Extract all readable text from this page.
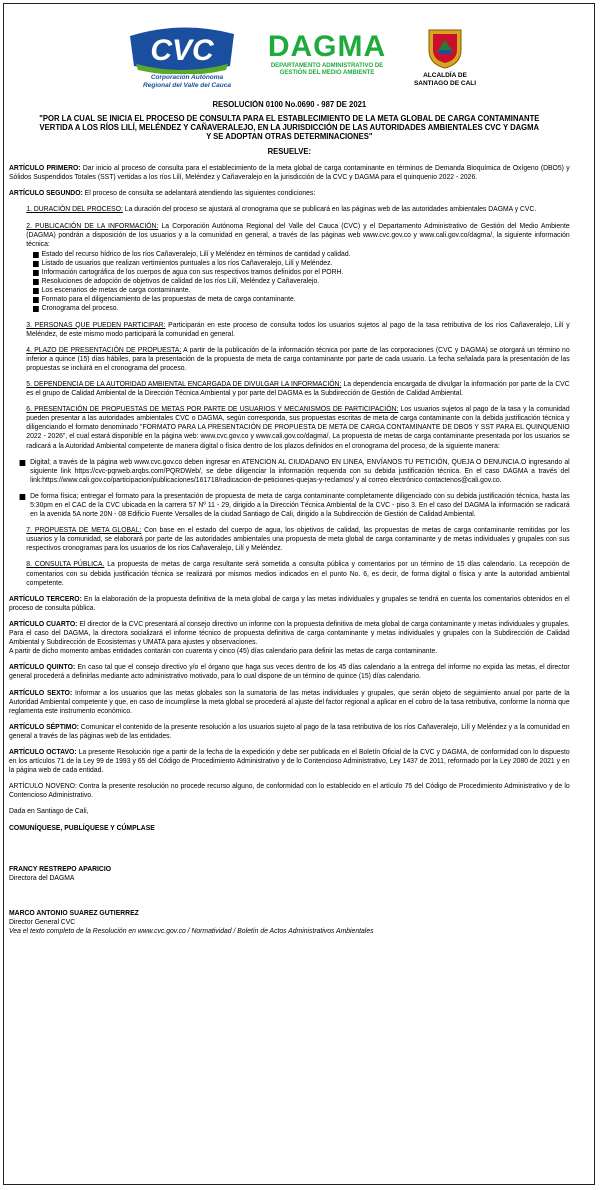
CVC
Corporación Autónoma
Regional del Valle del Cauca
DAGMA
DEPARTAMENTO ADMINISTRATIVO DE
GESTIÓN DEL MEDIO AMBIENTE	ALCALDÍA DE
SANTIAGO DE CALI
RESOLUCIÓN 0100 No.0690 - 987 DE 2021
"POR LA CUAL SE INICIA EL PROCESO DE CONSULTA PARA EL ESTABLECIMIENTO DE LA META GLOBAL DE CARGA CONTAMINANTE VERTIDA A LOS RÍOS LILÍ, MELÉNDEZ Y CAÑAVERALEJO, EN LA JURISDICCIÓN DE LAS AUTORIDADES AMBIENTALES CVC Y DAGMA Y SE ADOPTAN OTRAS DETERMINACIONES"
RESUELVE:

ARTÍCULO PRIMERO: Dar inicio al proceso de consulta para el establecimiento de la meta global de carga contaminante en términos de Demanda Bioquímica de Oxígeno (DBO5) y Sólidos Suspendidos Totales (SST) vertidas a los ríos Lilí, Meléndez y Cañaveralejo en la jurisdicción de la CVC y DAGMA para el quinquenio 2022 - 2026.

ARTÍCULO SEGUNDO: El proceso de consulta se adelantará atendiendo las siguientes condiciones:

1. DURACIÓN DEL PROCESO: La duración del proceso se ajustará al cronograma que se publicará en las páginas web de las autoridades ambientales DAGMA y CVC.

2. PUBLICACIÓN DE LA INFORMACIÓN: La Corporación Autónoma Regional del Valle del Cauca (CVC) y el Departamento Administrativo de Gestión del Medio Ambiente (DAGMA) pondrán a disposición de los usuarios y a la comunidad en general, a través de las páginas web www.cvc.gov.co y www.cali.gov.co/dagma/, la siguiente información técnica:

Estado del recurso hídrico de los ríos Cañaveralejo, Lilí y Meléndez en términos de cantidad y calidad.
Listado de usuarios que realizan vertimientos puntuales a los ríos Cañaveralejo, Lilí y Meléndez.
Información cartográfica de los cuerpos de agua con sus respectivos tramos definidos por el PORH.
Resoluciones de adopción de objetivos de calidad de los ríos Lilí, Meléndez y Cañaveralejo.
Los escenarios de metas de carga contaminante.
Formato para el diligenciamiento de las propuestas de meta de carga contaminante.
Cronograma del proceso.

3. PERSONAS QUE PUEDEN PARTICIPAR: Participarán en este proceso de consulta todos los usuarios sujetos al pago de la tasa retributiva de los ríos Cañaveralejo, Lilí y Meléndez, de este mismo modo participará la comunidad en general.

4. PLAZO DE PRESENTACIÓN DE PROPUESTA: A partir de la publicación de la información técnica por parte de las corporaciones (CVC y DAGMA) se otorgará un término no inferior a quince (15) días hábiles, para la presentación de la propuesta de meta de carga contaminante por parte de cada usuario. La fecha señalada para la presentación de las propuestas se incluirá en el cronograma del proceso.

5. DEPENDENCIA DE LA AUTORIDAD AMBIENTAL ENCARGADA DE DIVULGAR LA INFORMACIÓN: La dependencia encargada de divulgar la información por parte de la CVC es el grupo de Calidad Ambiental de la Dirección Técnica Ambiental y por parte del DAGMA es la Subdirección de Gestión de Calidad Ambiental.

6. PRESENTACIÓN DE PROPUESTAS DE METAS POR PARTE DE USUARIOS Y MECANISMOS DE PARTICIPACIÓN: Los usuarios sujetos al pago de la tasa y la comunidad pueden presentar a las autoridades ambientales CVC o DAGMA, según corresponda, sus propuestas escritas de meta de carga contaminante con la debida justificación técnica y diligenciando el formato denominado "FORMATO PARA LA PRESENTACIÓN DE PROPUESTA DE META DE CARGA CONTAMINANTE DE DBO5 Y SST PARA EL QUINQUENIO 2022 - 2026", el cual estará disponible en la página web: www.cvc.gov.co y www.cali.gov.co/dagma/. La propuesta de metas de carga contaminante presentada por los usuarios se radicará a la Autoridad Ambiental competente de manera digital o física dentro de los plazos definidos en el cronograma del proceso, de la siguiente manera:

Digital; a través de la página web www.cvc.gov.co deben ingresar en ATENCION AL CIUDADANO EN LINEA, ENVÍANOS TU PETICIÓN, QUEJA O DENUNCIA.O ingresando al siguiente link https://cvc-pqrweb.arqbs.com/PQRDWeb/, se debe diligenciar la información requerida con su debida justificación técnica. En el caso DAGMA a través del link:https://www.cali.gov.co/participacion/publicaciones/161718/radicacion-de-peticiones-quejas-y-reclamos/ y al correo electrónico contactenos@cali.gov.co.
De forma física; entregar el formato para la presentación de propuesta de meta de carga contaminante completamente diligenciado con su debida justificación técnica, hasta las 5:30pm en el CAC de la CVC ubicada en la carrera 57 Nº 11 - 29, dirigido a la Dirección Técnica Ambiental de la CVC - piso 3. En el caso del DAGMA la información se radicará en la avenida 5A norte 20N - 08 Edificio Fuente Versalles de la ciudad Santiago de Cali, dirigido a la Subdirección de Gestión de Calidad Ambiental.

7. PROPUESTA DE META GLOBAL: Con base en el estado del cuerpo de agua, los objetivos de calidad, las propuestas de metas de carga contaminante remitidas por los usuarios y la comunidad, se elaborará por parte de las autoridades ambientales una propuesta de meta global de carga contaminante y de metas individuales y grupales con sus respectivos cronogramas para los usuarios de los ríos Cañaveralejo, Lilí y Meléndez.

8. CONSULTA PÚBLICA. La propuesta de metas de carga resultante será sometida a consulta pública y comentarios por un término de 15 días calendario. La recepción de comentarios con su debida justificación técnica se realizará por mismos medios indicados en el punto No. 6, es decir, de forma digital o física y ante la autoridad ambiental competente.

ARTÍCULO TERCERO: En la elaboración de la propuesta definitiva de la meta global de carga y las metas individuales y grupales se tendrá en cuenta los comentarios obtenidos en el proceso de consulta pública.

ARTÍCULO CUARTO: El director de la CVC presentará al consejo directivo un informe con la propuesta definitiva de meta global de carga contaminante y metas individuales y grupales. Para el caso del DAGMA, la directora socializará el informe técnico de propuesta definitiva de carga contaminante y metas individuales y grupales con la Subdirección de Calidad Ambiental y Subdirección de Ecosistemas y UMATA para ajustes y observaciones.

A partir de dicho momento ambas entidades contarán con cuarenta y cinco (45) días calendario para definir las metas de carga contaminante.

ARTÍCULO QUINTO: En caso tal que el consejo directivo y/o el órgano que haga sus veces dentro de los 45 días calendario a la entrega del informe no expida las metas, el director general procederá a definirlas mediante acto administrativo motivado, para lo cual dispone de un término de quince (15) días calendario.

ARTÍCULO SEXTO: Informar a los usuarios que las metas globales son la sumatoria de las metas individuales y grupales, que serán objeto de seguimiento anual por parte de la Autoridad Ambiental competente y que, en caso de incumplirse la meta global se procederá al ajuste del factor regional a aplicar en el cobro de la tasa retributiva, conforme la norma que reglamenta este instrumento económico.

ARTÍCULO SÉPTIMO: Comunicar el contenido de la presente resolución a los usuarios sujeto al pago de la tasa retributiva de los ríos Cañaveralejo, Lilí y Meléndez y a la comunidad en general a través de las páginas web de las entidades.

ARTÍCULO OCTAVO: La presente Resolución rige a partir de la fecha de la expedición y debe ser publicada en el Boletín Oficial de la CVC y DAGMA, de conformidad con lo dispuesto en los artículos 71 de la Ley 99 de 1993 y 65 del Código de Procedimiento Administrativo y de lo Contencioso Administrativo, Ley 1437 de 2011, reformado por la Ley 2080 de 2021 y en la página web de cada entidad.

ARTÍCULO NOVENO: Contra la presente resolución no procede recurso alguno, de conformidad con lo establecido en el artículo 75 del Código de Procedimiento Administrativo y de lo Contencioso Administrativo.

Dada en Santiago de Cali,

COMUNÍQUESE, PUBLÍQUESE Y CÚMPLASE

FRANCY RESTREPO APARICIO
Directora del DAGMA
MARCO ANTONIO SUAREZ GUTIERREZ
Director General CVC

Vea el texto completo de la Resolución en www.cvc.gov.co / Normatividad / Boletín de Actos Administrativos Ambientales
